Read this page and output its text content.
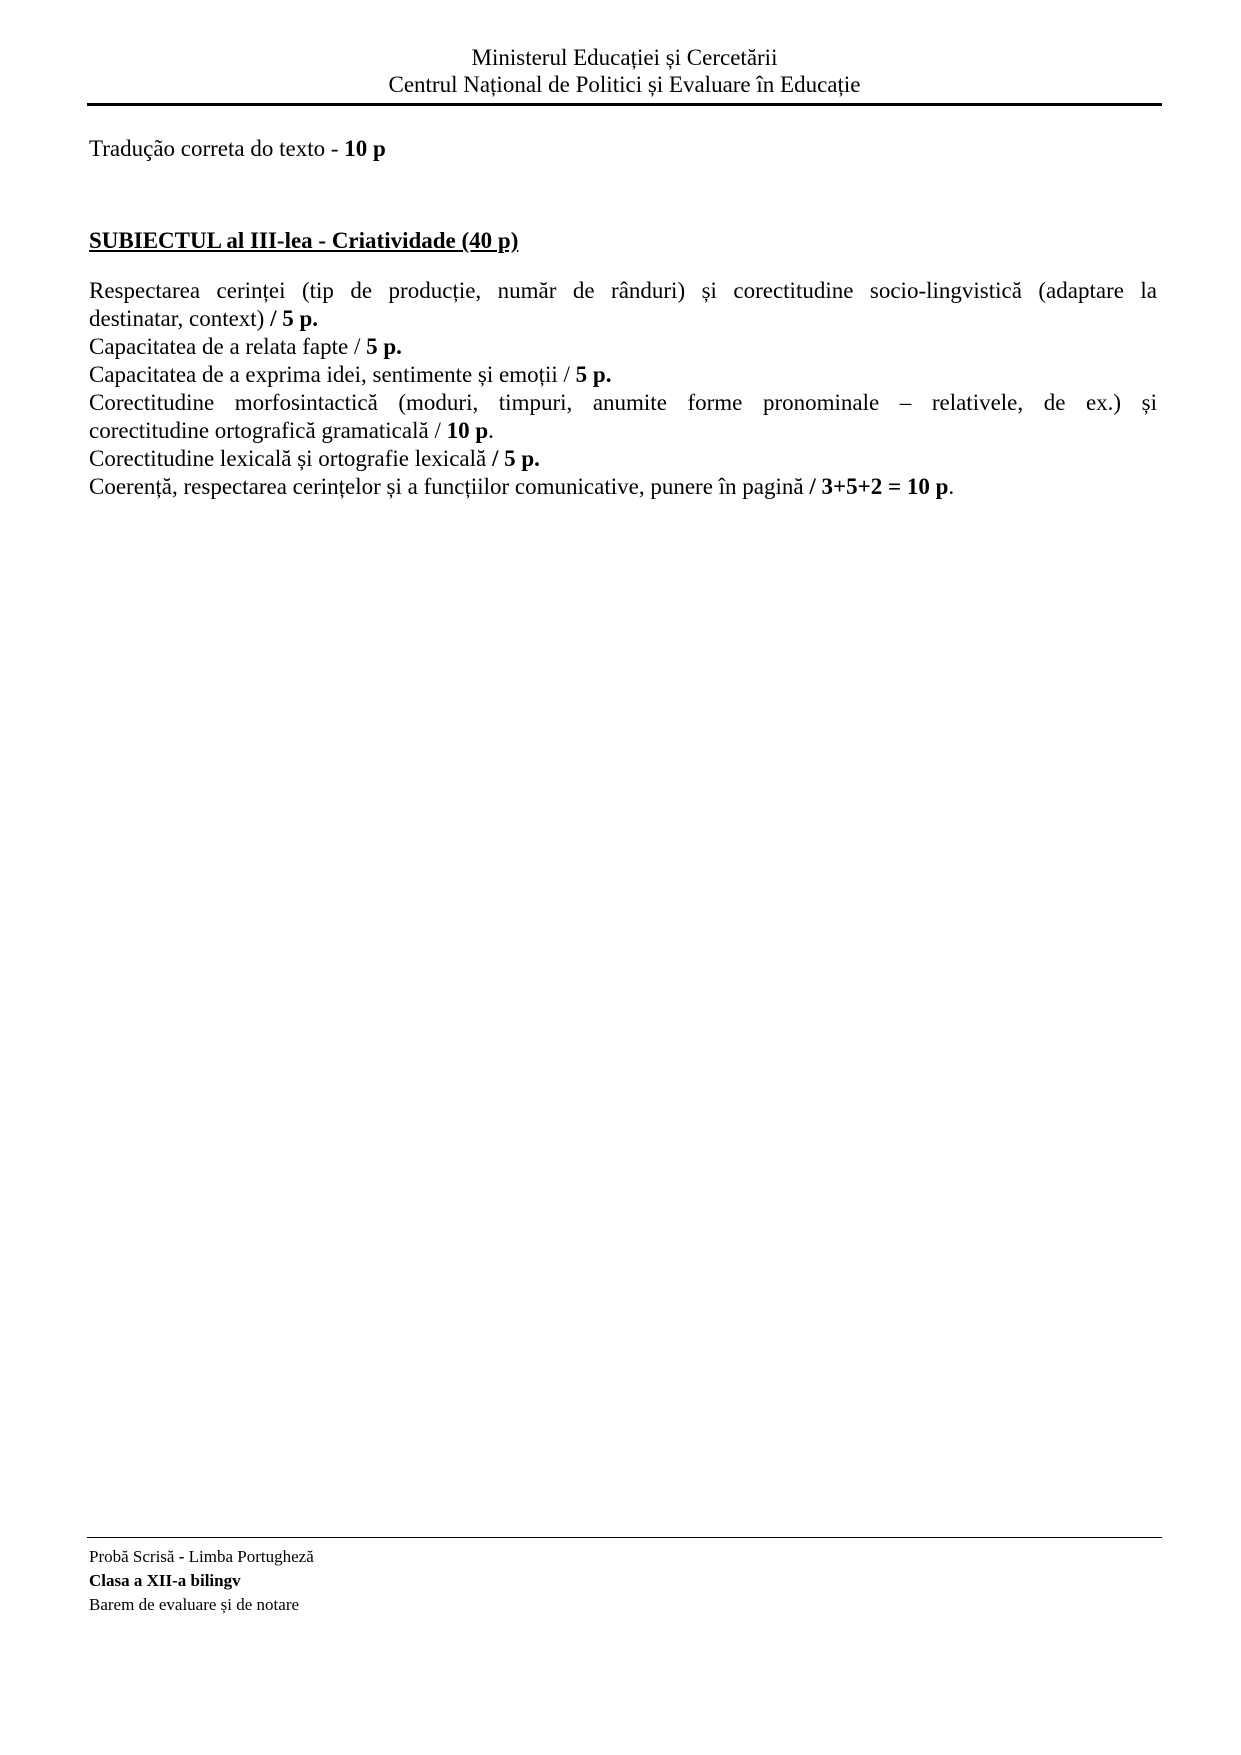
Ministerul Educației și Cercetării
Centrul Național de Politici și Evaluare în Educație
Tradução correta do texto - 10 p
SUBIECTUL al III-lea - Criatividade (40 p)
Respectarea cerinței (tip de producție, număr de rânduri) și corectitudine socio-lingvistică (adaptare la
destinatar, context) / 5 p.
Capacitatea de a relata fapte / 5 p.
Capacitatea de a exprima idei, sentimente și emoții / 5 p.
Corectitudine morfosintactică (moduri, timpuri, anumite forme pronominale – relativele, de ex.) și
corectitudine ortografică gramaticală / 10 p.
Corectitudine lexicală și ortografie lexicală / 5 p.
Coerență, respectarea cerințelor și a funcțiilor comunicative, punere în pagină / 3+5+2 = 10 p.
Probă Scrisă - Limba Portugheză
Clasa a XII-a bilingv
Barem de evaluare și de notare
